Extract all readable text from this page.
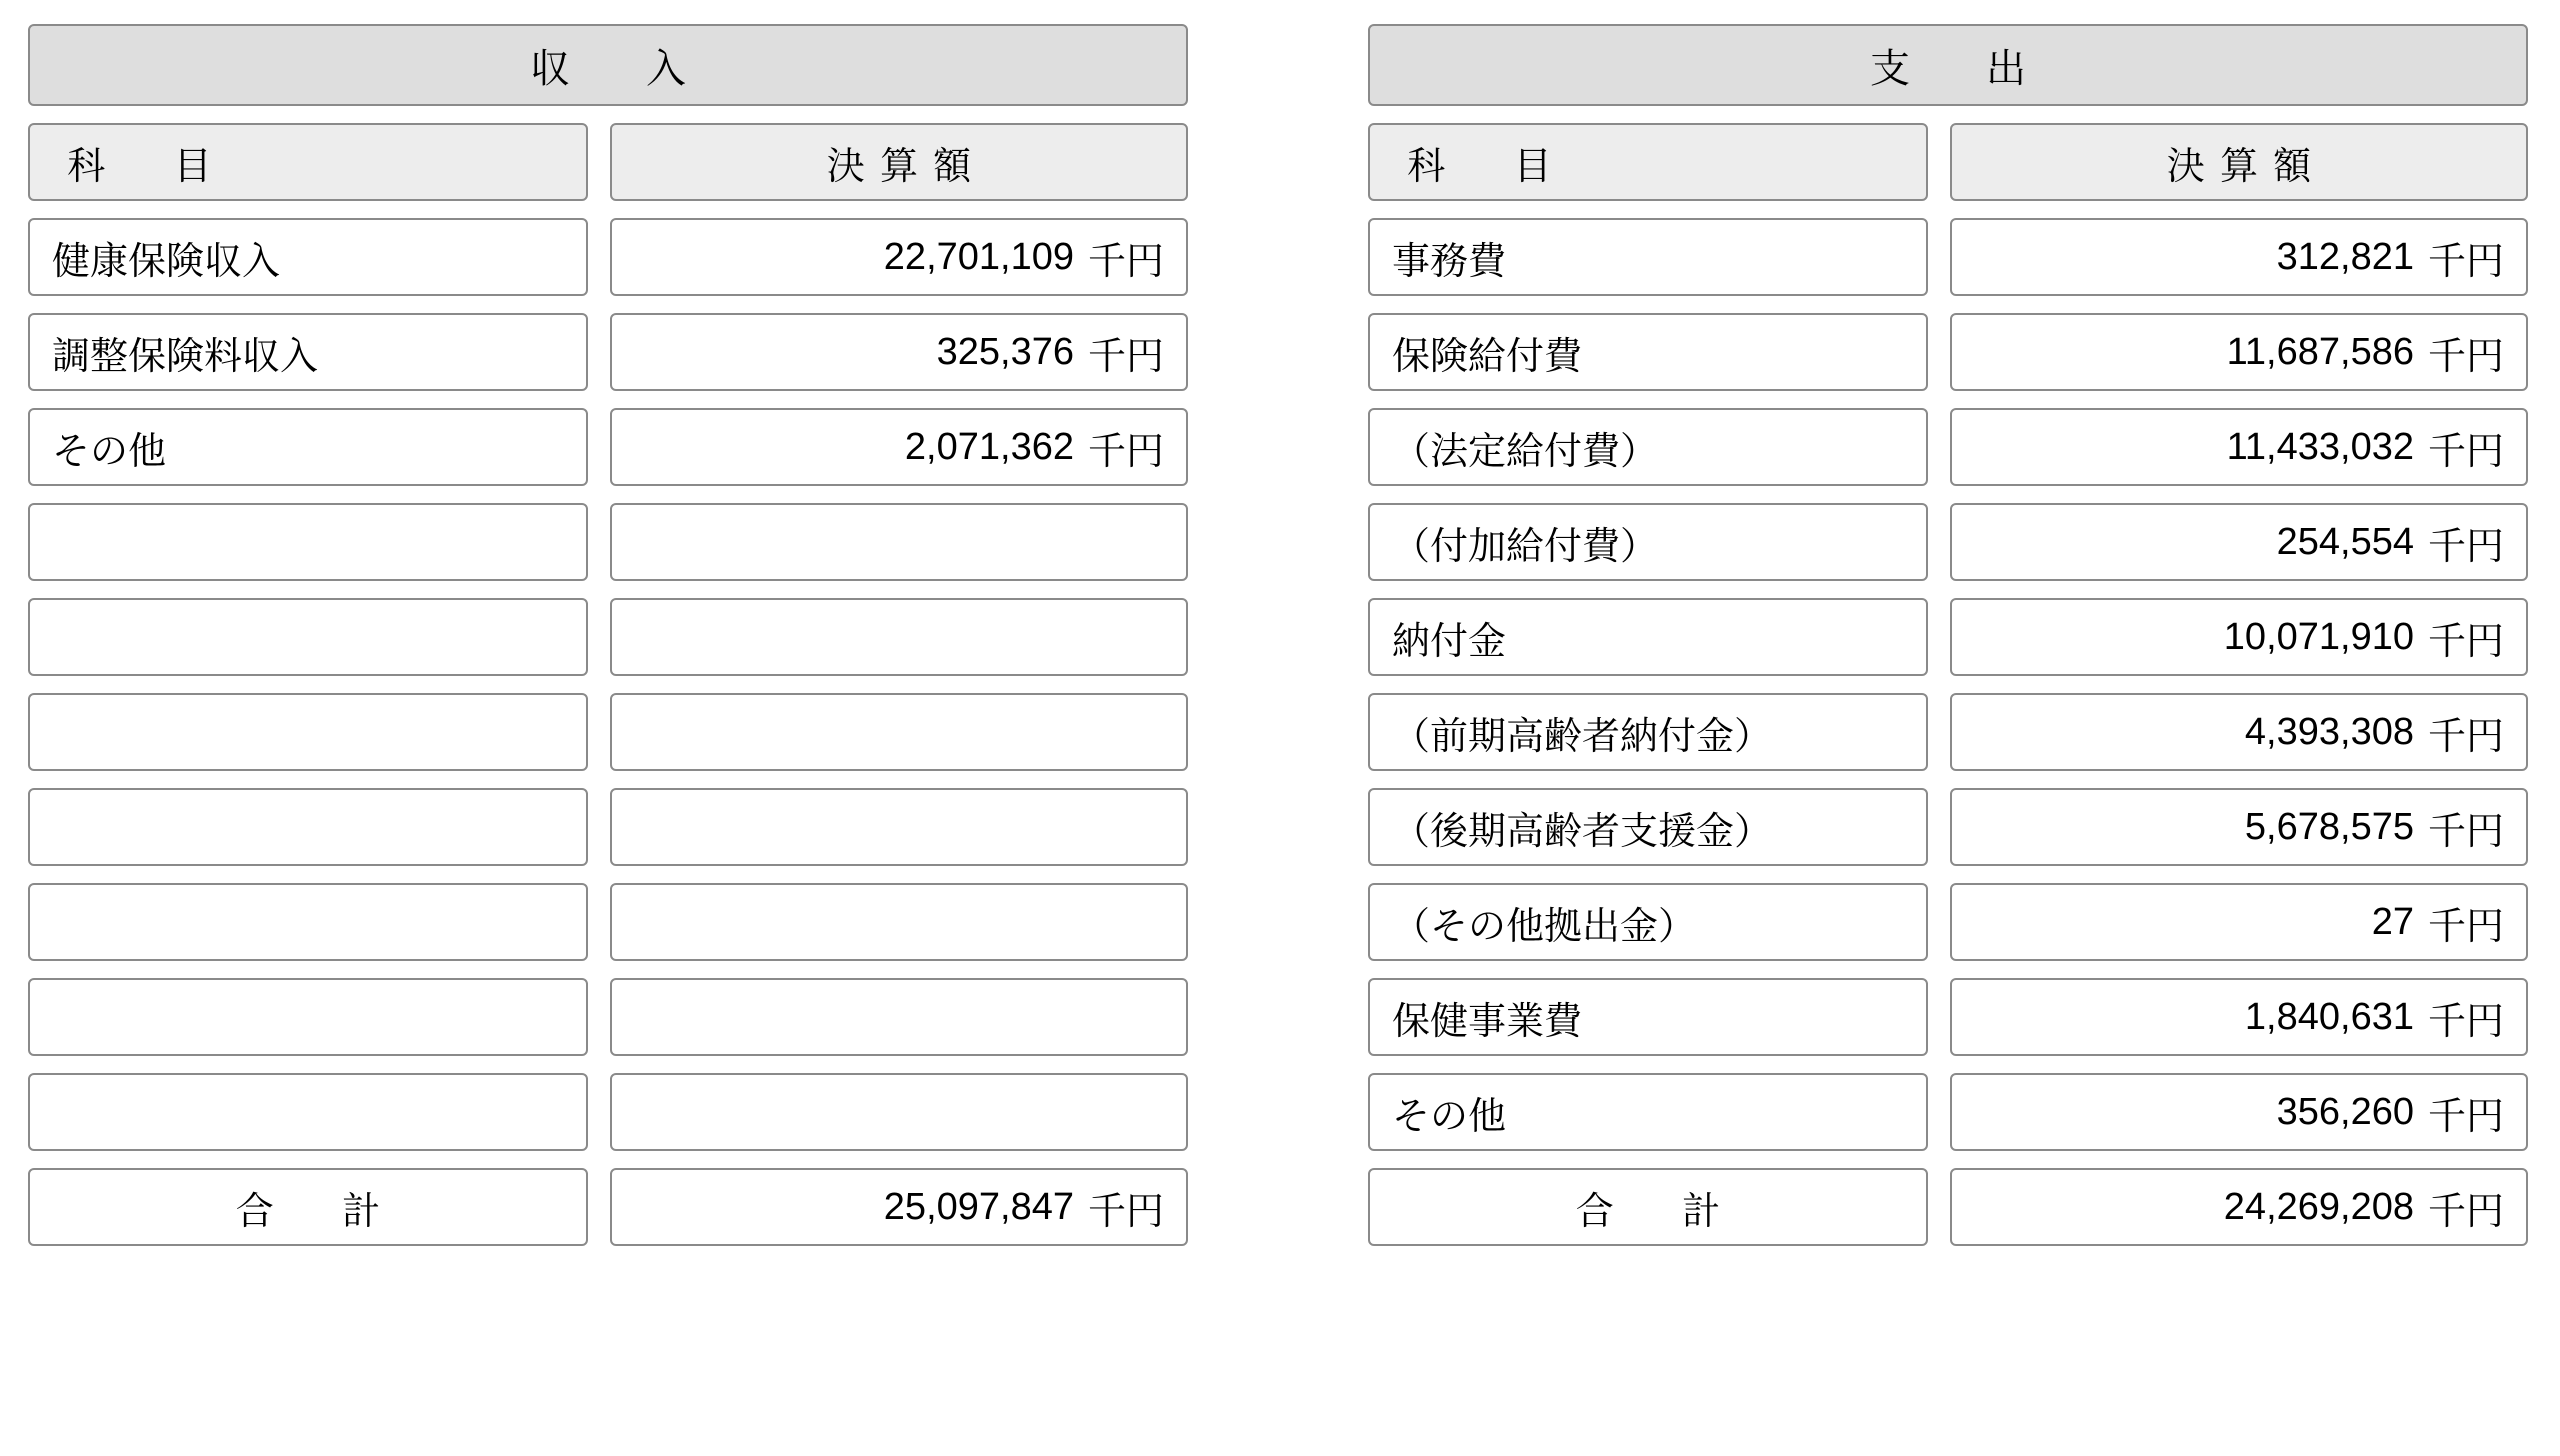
収　入
科　目	決算額
健康保険収入	22,701,109 千円
調整保険料収入	325,376 千円
その他	2,071,362 千円
合　計	25,097,847 千円
支　出
科　目	決算額
事務費	312,821 千円
保険給付費	11,687,586 千円
（法定給付費）	11,433,032 千円
（付加給付費）	254,554 千円
納付金	10,071,910 千円
（前期高齢者納付金）	4,393,308 千円
（後期高齢者支援金）	5,678,575 千円
（その他拠出金）	27 千円
保健事業費	1,840,631 千円
その他	356,260 千円
合　計	24,269,208 千円
